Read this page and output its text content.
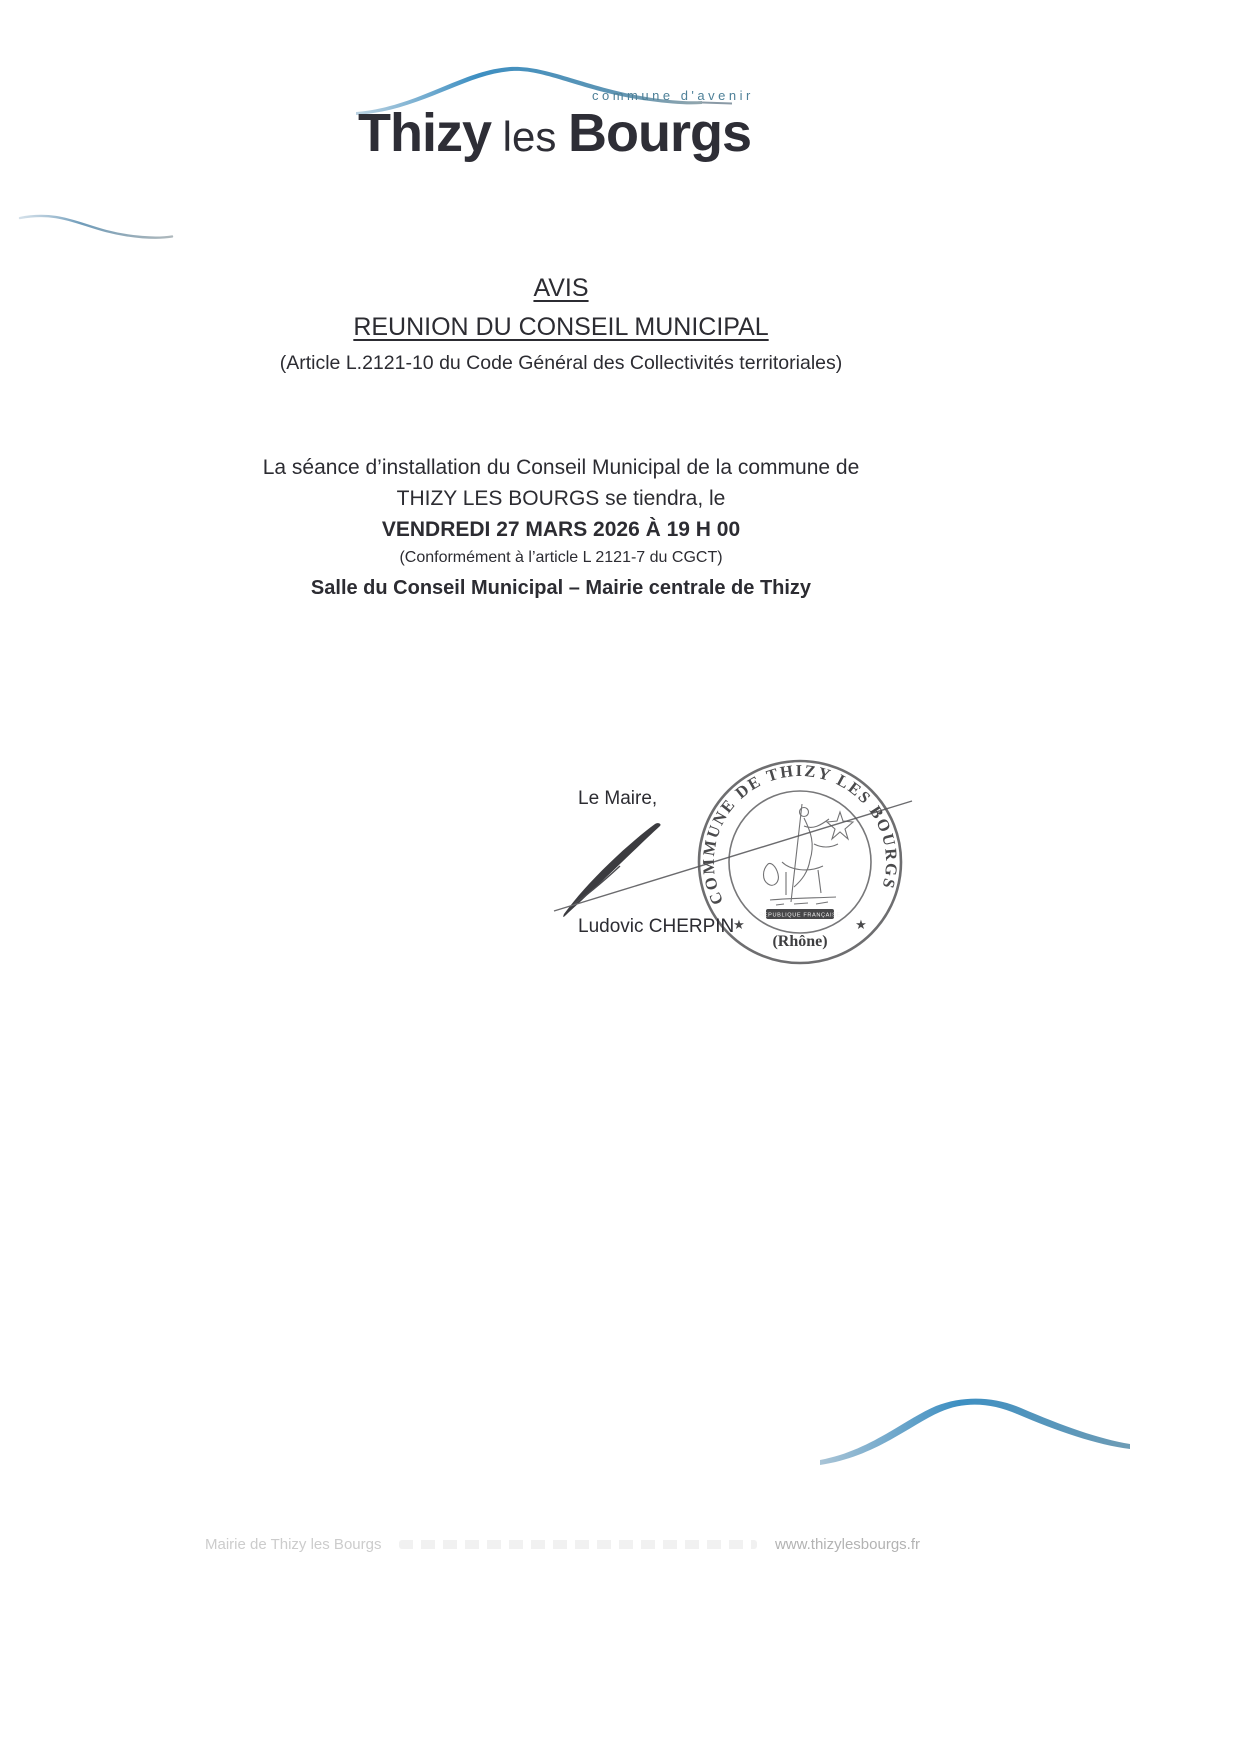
commune d'avenir
Thizy les Bourgs
AVIS
REUNION DU CONSEIL MUNICIPAL
(Article L.2121-10 du Code Général des Collectivités territoriales)
La séance d’installation du Conseil Municipal de la commune de
THIZY LES BOURGS se tiendra, le
VENDREDI 27 MARS 2026 À 19 H 00
(Conformément à l’article L 2121-7 du CGCT)
Salle du Conseil Municipal – Mairie centrale de Thizy
Le Maire,
COMMUNE DE THIZY LES BOURGS
★	★
REPUBLIQUE FRANÇAISE
(Rhône)
Ludovic CHERPIN
Mairie de Thizy les Bourgs	www.thizylesbourgs.fr
